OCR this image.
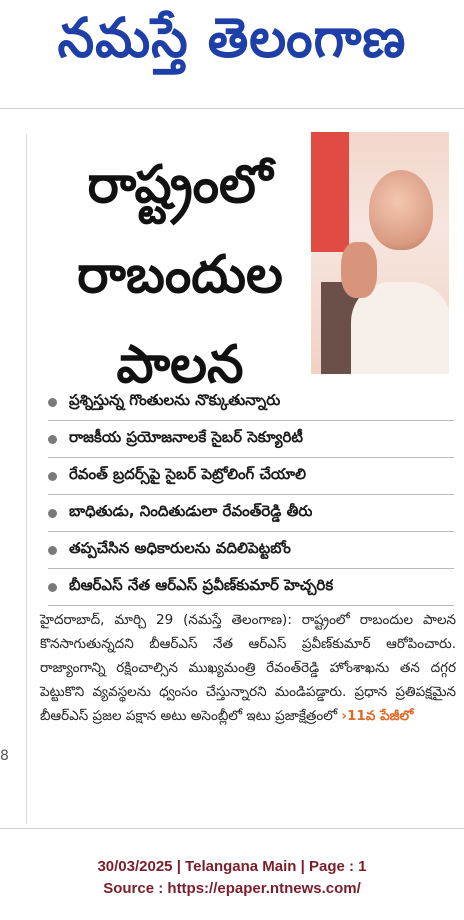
నమస్తే తెలంగాణ
8
రాష్ట్రంలో
రాబందుల
పాలన
ప్రశ్నిస్తున్న గొంతులను నొక్కుతున్నారు
రాజకీయ ప్రయోజనాలకే సైబర్ సెక్యూరిటీ
రేవంత్ బ్రదర్స్‌పై సైబర్ పెట్రోలింగ్ చేయాలి
బాధితుడు, నిందితుడులా రేవంత్‌రెడ్డి తీరు
తప్పచేసిన అధికారులను వదిలిపెట్టబోం
బీఆర్‌ఎస్ నేత ఆర్‌ఎస్ ప్రవీణ్‌కుమార్ హెచ్చరిక

హైదరాబాద్, మార్చి 29 (నమస్తే తెలంగాణ): రాష్ట్రంలో రాబందుల పాలన కొనసాగుతున్నదని బీఆర్‌ఎస్ నేత ఆర్‌ఎస్ ప్రవీణ్‌కుమార్ ఆరోపించారు. రాజ్యాంగాన్ని రక్షించాల్సిన ముఖ్యమంత్రి రేవంత్‌రెడ్డి హోంశాఖను తన దగ్గర పెట్టుకొని వ్యవస్థలను ధ్వంసం చేస్తున్నారని మండిపడ్డారు. ప్రధాన ప్రతిపక్షమైన బీఆర్‌ఎస్ ప్రజల పక్షాన అటు అసెంబ్లీలో ఇటు ప్రజాక్షేత్రంలో ›11వ పేజీలో

30/03/2025 | Telangana Main | Page : 1
Source : https://epaper.ntnews.com/
